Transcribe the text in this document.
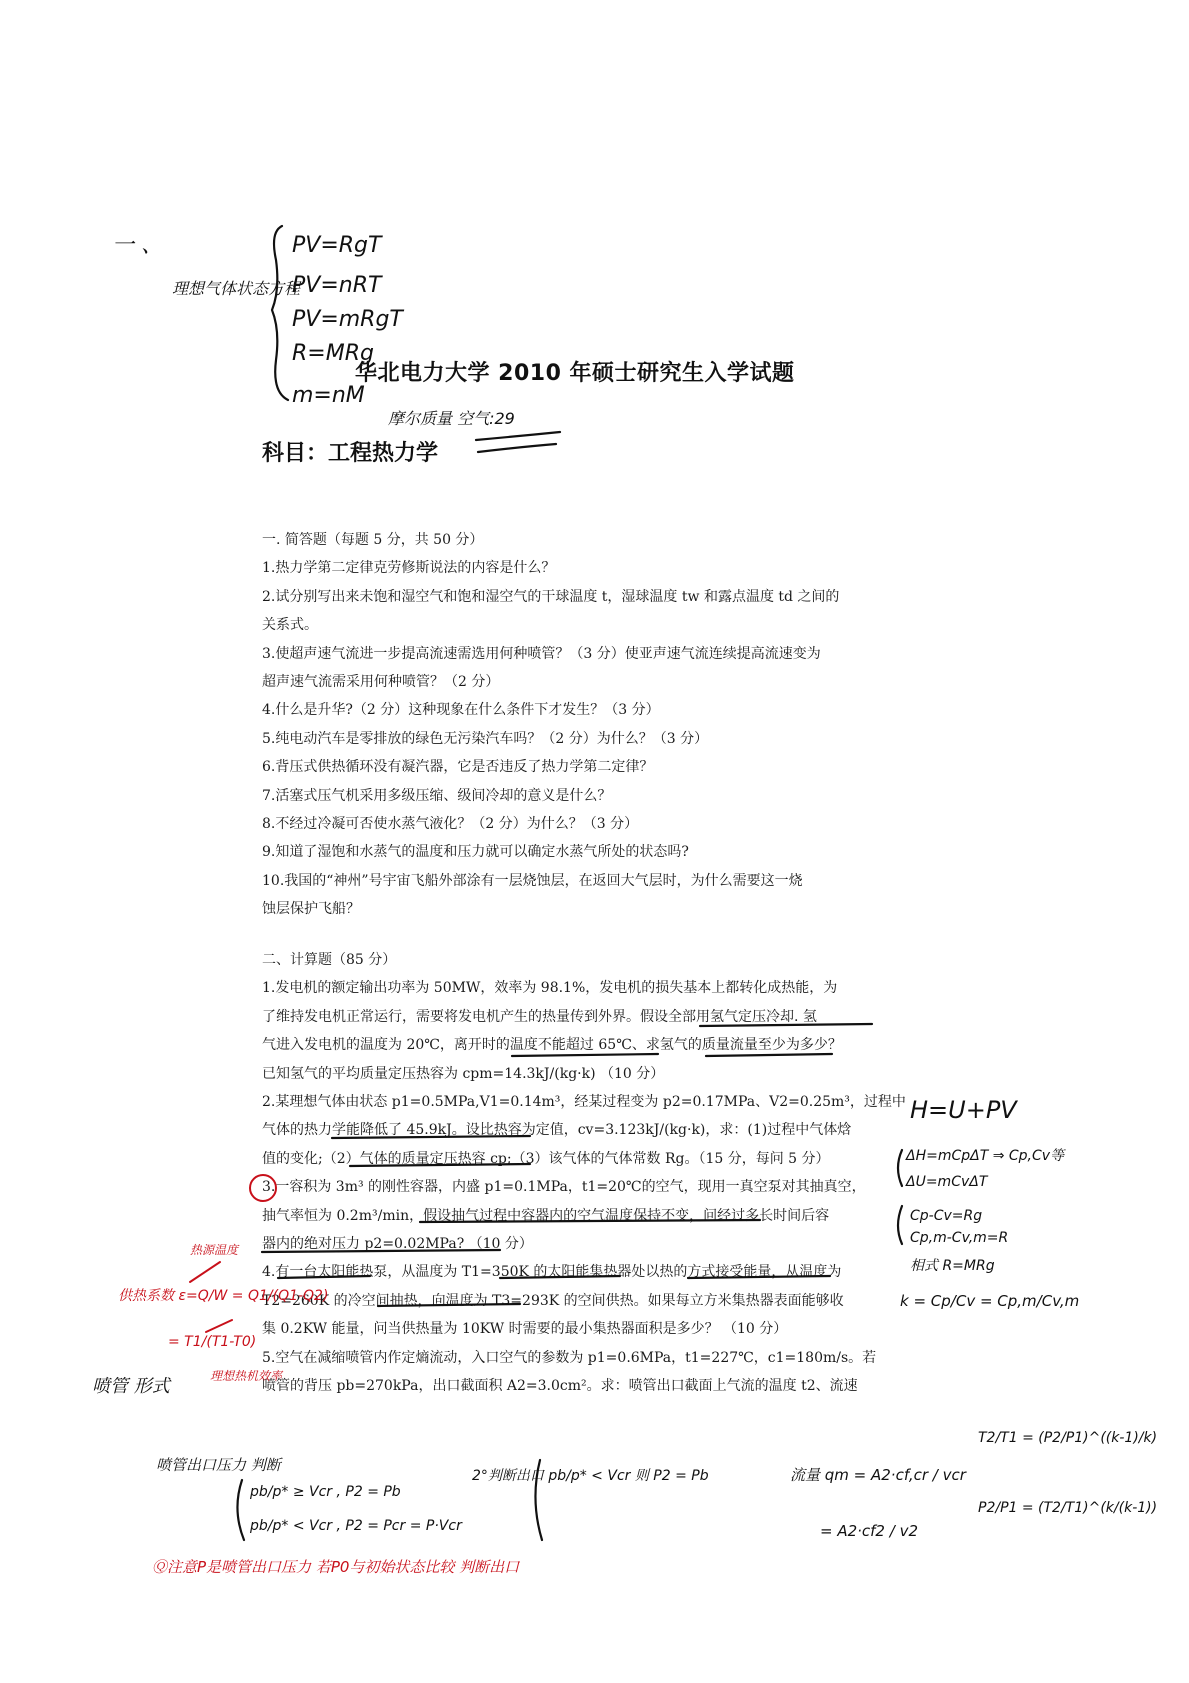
华北电力大学 2010 年硕士研究生入学试题
科目：工程热力学

一. 简答题（每题 5 分，共 50 分）

1.热力学第二定律克劳修斯说法的内容是什么？

2.试分别写出来未饱和湿空气和饱和湿空气的干球温度 t，湿球温度 tw 和露点温度 td 之间的

关系式。

3.使超声速气流进一步提高流速需选用何种喷管？（3 分）使亚声速气流连续提高流速变为

超声速气流需采用何种喷管？（2 分）

4.什么是升华?（2 分）这种现象在什么条件下才发生？（3 分）

5.纯电动汽车是零排放的绿色无污染汽车吗？（2 分）为什么？（3 分）

6.背压式供热循环没有凝汽器，它是否违反了热力学第二定律？

7.活塞式压气机采用多级压缩、级间冷却的意义是什么？

8.不经过冷凝可否使水蒸气液化？（2 分）为什么？（3 分）

9.知道了湿饱和水蒸气的温度和压力就可以确定水蒸气所处的状态吗?

10.我国的“神州”号宇宙飞船外部涂有一层烧蚀层，在返回大气层时，为什么需要这一烧

蚀层保护飞船？

二、计算题（85 分）

1.发电机的额定输出功率为 50MW，效率为 98.1%，发电机的损失基本上都转化成热能，为

了维持发电机正常运行，需要将发电机产生的热量传到外界。假设全部用氢气定压冷却. 氢

气进入发电机的温度为 20℃，离开时的温度不能超过 65℃、求氢气的质量流量至少为多少？

已知氢气的平均质量定压热容为 cpm=14.3kJ/(kg·k) （10 分）

2.某理想气体由状态 p1=0.5MPa,V1=0.14m³，经某过程变为 p2=0.17MPa、V2=0.25m³，过程中

气体的热力学能降低了 45.9kJ。设比热容为定值，cv=3.123kJ/(kg·k)，求：(1)过程中气体焓

值的变化;（2）气体的质量定压热容 cp;（3）该气体的气体常数 Rg。（15 分，每问 5 分）

3.一容积为 3m³ 的刚性容器，内盛 p1=0.1MPa，t1=20℃的空气，现用一真空泵对其抽真空，

抽气率恒为 0.2m³/min，假设抽气过程中容器内的空气温度保持不变，问经过多长时间后容

器内的绝对压力 p2=0.02MPa? （10 分）

4.有一台太阳能热泵，从温度为 T1=350K 的太阳能集热器处以热的方式接受能量，从温度为

T2=260K 的冷空间抽热，向温度为 T3=293K 的空间供热。如果每立方米集热器表面能够收

集 0.2KW 能量，问当供热量为 10KW 时需要的最小集热器面积是多少？ （10 分）

5.空气在减缩喷管内作定熵流动，入口空气的参数为 p1=0.6MPa，t1=227℃，c1=180m/s。若

喷管的背压 pb=270kPa，出口截面积 A2=3.0cm²。求：喷管出口截面上气流的温度 t2、流速

一 、
理想气体状态方程
PV=RgT
PV=nRT
PV=mRgT
R=MRg
m=nM
摩尔质量 空气:29
H=U+PV
ΔH=mCpΔT ⇒ Cp,Cv等
ΔU=mCvΔT
Cp-Cv=Rg
Cp,m-Cv,m=R
相式 R=MRg
k = Cp/Cv = Cp,m/Cv,m
供热系数 ε=Q/W = Q1/(Q1-Q2)
= T1/(T1-T0)
热源温度
理想热机效率
喷管 形式
喷管出口压力 判断
pb/p* ≥ Vcr , P2 = Pb
pb/p* < Vcr , P2 = Pcr = P·Vcr
2°判断出口 pb/p* < Vcr 则 P2 = Pb	流量 qm = A2·cf,cr / vcr
= A2·cf2 / v2
T2/T1 = (P2/P1)^((k-1)/k)
P2/P1 = (T2/T1)^(k/(k-1))
Ⓠ注意P是喷管出口压力 若P0与初始状态比较 判断出口
